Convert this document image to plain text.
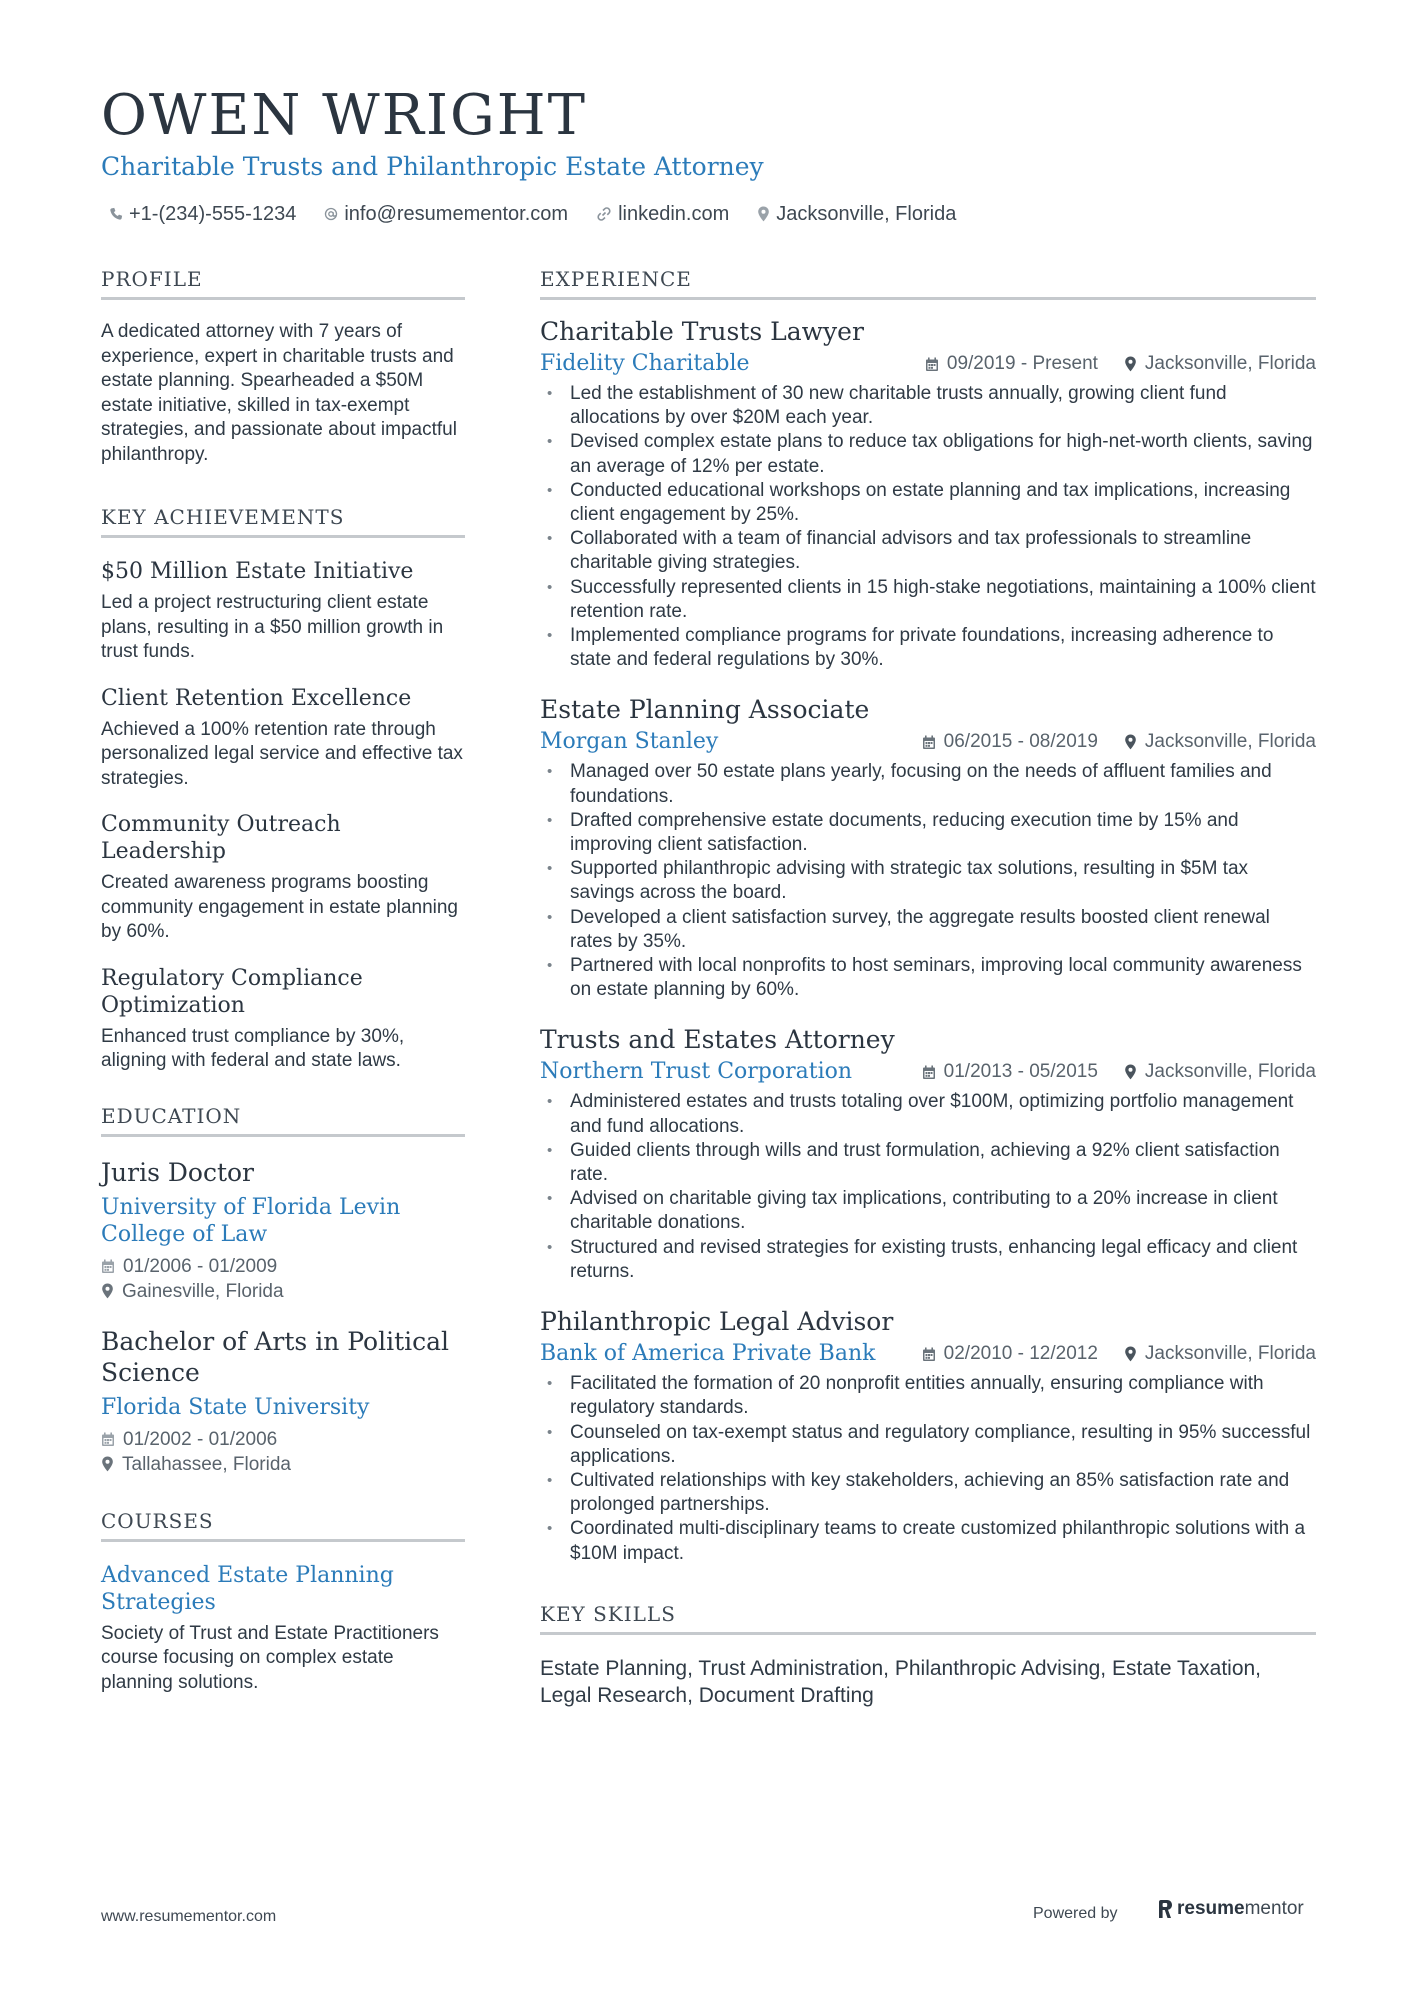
OWEN WRIGHT
Charitable Trusts and Philanthropic Estate Attorney
+1-(234)-555-1234 info@resumementor.com	linkedin.com Jacksonville, Florida
PROFILE
A dedicated attorney with 7 years of experience, expert in charitable trusts and estate planning. Spearheaded a $50M estate initiative, skilled in tax-exempt strategies, and passionate about impactful philanthropy.
KEY ACHIEVEMENTS
$50 Million Estate Initiative
Led a project restructuring client estate plans, resulting in a $50 million growth in trust funds.
Client Retention Excellence
Achieved a 100% retention rate through personalized legal service and effective tax strategies.
Community Outreach Leadership
Created awareness programs boosting community engagement in estate planning by 60%.
Regulatory Compliance Optimization
Enhanced trust compliance by 30%, aligning with federal and state laws.
EDUCATION
Juris Doctor
University of Florida Levin College of Law
01/2006 - 01/2009
Gainesville, Florida
Bachelor of Arts in Political Science
Florida State University
01/2002 - 01/2006
Tallahassee, Florida
COURSES
Advanced Estate Planning Strategies
Society of Trust and Estate Practitioners course focusing on complex estate planning solutions.
EXPERIENCE
Charitable Trusts Lawyer
Fidelity Charitable	09/2019 - Present Jacksonville, Florida
• Led the establishment of 30 new charitable trusts annually, growing client fund allocations by over $20M each year.
• Devised complex estate plans to reduce tax obligations for high-net-worth clients, saving an average of 12% per estate.
• Conducted educational workshops on estate planning and tax implications, increasing client engagement by 25%.
• Collaborated with a team of financial advisors and tax professionals to streamline charitable giving strategies.
• Successfully represented clients in 15 high-stake negotiations, maintaining a 100% client retention rate.
• Implemented compliance programs for private foundations, increasing adherence to state and federal regulations by 30%.
Estate Planning Associate
Morgan Stanley	06/2015 - 08/2019 Jacksonville, Florida
• Managed over 50 estate plans yearly, focusing on the needs of affluent families and foundations.
• Drafted comprehensive estate documents, reducing execution time by 15% and improving client satisfaction.
• Supported philanthropic advising with strategic tax solutions, resulting in $5M tax savings across the board.
• Developed a client satisfaction survey, the aggregate results boosted client renewal rates by 35%.
• Partnered with local nonprofits to host seminars, improving local community awareness on estate planning by 60%.
Trusts and Estates Attorney
Northern Trust Corporation	01/2013 - 05/2015 Jacksonville, Florida
• Administered estates and trusts totaling over $100M, optimizing portfolio management and fund allocations.
• Guided clients through wills and trust formulation, achieving a 92% client satisfaction rate.
• Advised on charitable giving tax implications, contributing to a 20% increase in client charitable donations.
• Structured and revised strategies for existing trusts, enhancing legal efficacy and client returns.
Philanthropic Legal Advisor
Bank of America Private Bank	02/2010 - 12/2012 Jacksonville, Florida
• Facilitated the formation of 20 nonprofit entities annually, ensuring compliance with regulatory standards.
• Counseled on tax-exempt status and regulatory compliance, resulting in 95% successful applications.
• Cultivated relationships with key stakeholders, achieving an 85% satisfaction rate and prolonged partnerships.
• Coordinated multi-disciplinary teams to create customized philanthropic solutions with a $10M impact.
KEY SKILLS
Estate Planning, Trust Administration, Philanthropic Advising, Estate Taxation, Legal Research, Document Drafting
www.resumementor.com	Powered by	resume mentor
